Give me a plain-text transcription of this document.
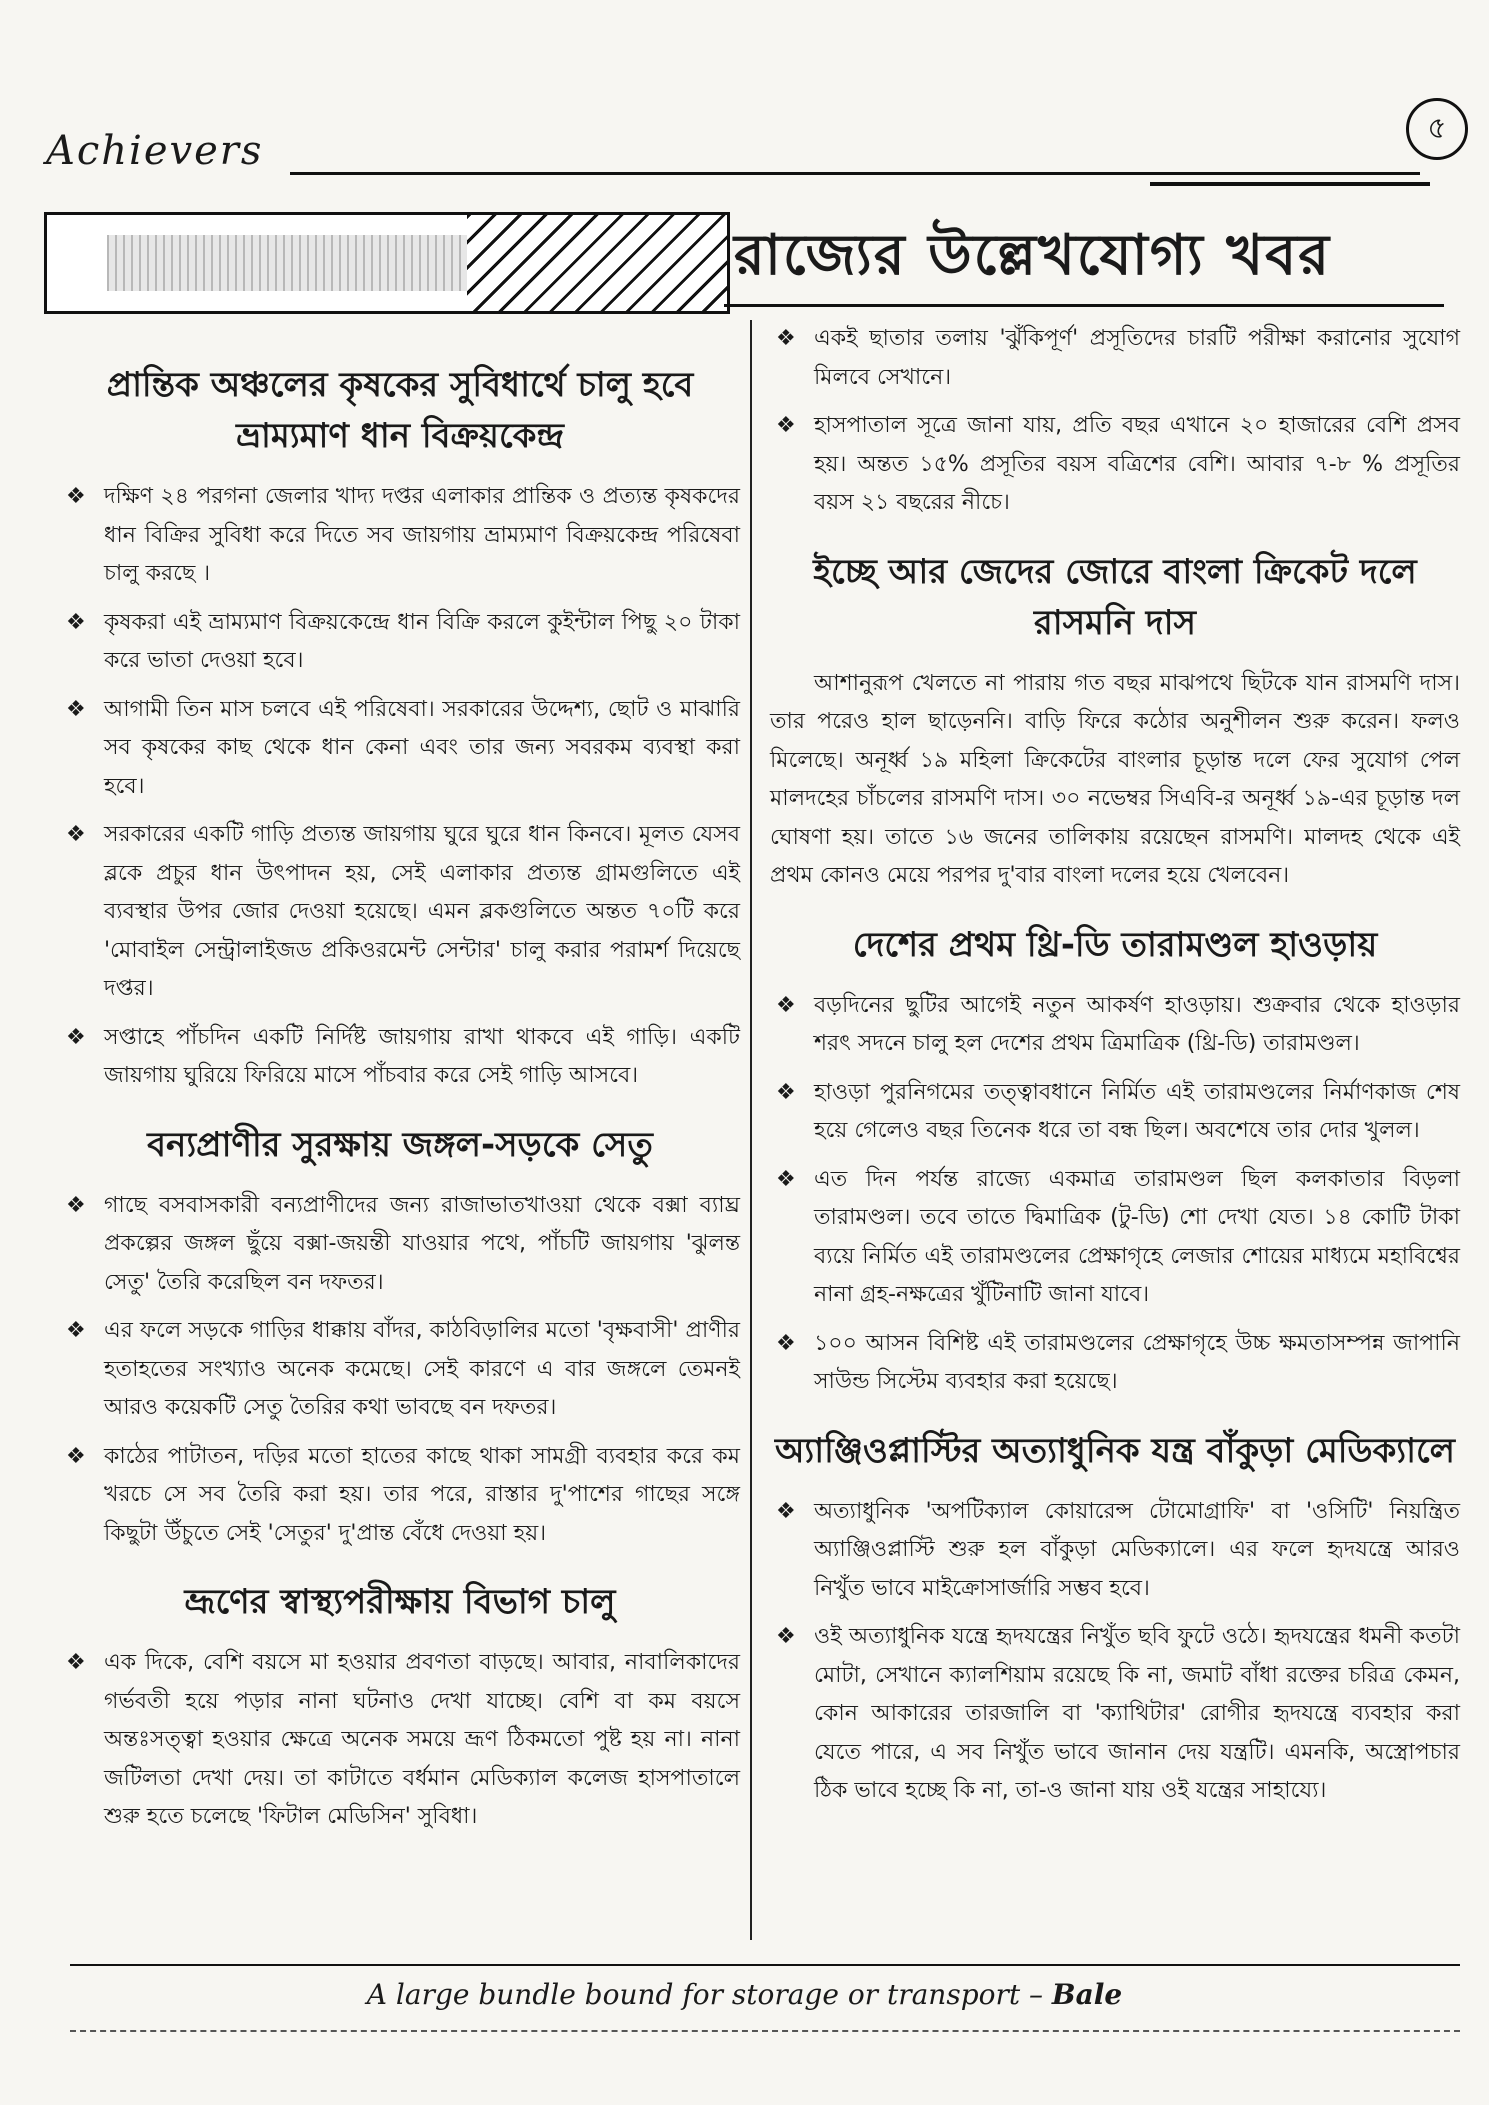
Achievers	৫
রাজ্যের উল্লেখযোগ্য খবর
প্রান্তিক অঞ্চলের কৃষকের সুবিধার্থে চালু হবে ভ্রাম্যমাণ ধান বিক্রয়কেন্দ্র
❖ দক্ষিণ ২৪ পরগনা জেলার খাদ্য দপ্তর এলাকার প্রান্তিক ও প্রত্যন্ত কৃষকদের ধান বিক্রির সুবিধা করে দিতে সব জায়গায় ভ্রাম্যমাণ বিক্রয়কেন্দ্র পরিষেবা চালু করছে ।
❖ কৃষকরা এই ভ্রাম্যমাণ বিক্রয়কেন্দ্রে ধান বিক্রি করলে কুইন্টাল পিছু ২০ টাকা করে ভাতা দেওয়া হবে।
❖ আগামী তিন মাস চলবে এই পরিষেবা। সরকারের উদ্দেশ্য, ছোট ও মাঝারি সব কৃষকের কাছ থেকে ধান কেনা এবং তার জন্য সবরকম ব্যবস্থা করা হবে।
❖ সরকারের একটি গাড়ি প্রত্যন্ত জায়গায় ঘুরে ঘুরে ধান কিনবে। মূলত যেসব ব্লকে প্রচুর ধান উৎপাদন হয়, সেই এলাকার প্রত্যন্ত গ্রামগুলিতে এই ব্যবস্থার উপর জোর দেওয়া হয়েছে। এমন ব্লকগুলিতে অন্তত ৭০টি করে 'মোবাইল সেন্ট্রালাইজড প্রকিওরমেন্ট সেন্টার' চালু করার পরামর্শ দিয়েছে দপ্তর।
❖ সপ্তাহে পাঁচদিন একটি নির্দিষ্ট জায়গায় রাখা থাকবে এই গাড়ি। একটি জায়গায় ঘুরিয়ে ফিরিয়ে মাসে পাঁচবার করে সেই গাড়ি আসবে।
বন্যপ্রাণীর সুরক্ষায় জঙ্গল-সড়কে সেতু
❖ গাছে বসবাসকারী বন্যপ্রাণীদের জন্য রাজাভাতখাওয়া থেকে বক্সা ব্যাঘ্র প্রকল্পের জঙ্গল ছুঁয়ে বক্সা-জয়ন্তী যাওয়ার পথে, পাঁচটি জায়গায় 'ঝুলন্ত সেতু' তৈরি করেছিল বন দফতর।
❖ এর ফলে সড়কে গাড়ির ধাক্কায় বাঁদর, কাঠবিড়ালির মতো 'বৃক্ষবাসী' প্রাণীর হতাহতের সংখ্যাও অনেক কমেছে। সেই কারণে এ বার জঙ্গলে তেমনই আরও কয়েকটি সেতু তৈরির কথা ভাবছে বন দফতর।
❖ কাঠের পাটাতন, দড়ির মতো হাতের কাছে থাকা সামগ্রী ব্যবহার করে কম খরচে সে সব তৈরি করা হয়। তার পরে, রাস্তার দু'পাশের গাছের সঙ্গে কিছুটা উঁচুতে সেই 'সেতুর' দু'প্রান্ত বেঁধে দেওয়া হয়।
ভ্রূণের স্বাস্থ্যপরীক্ষায় বিভাগ চালু
❖ এক দিকে, বেশি বয়সে মা হওয়ার প্রবণতা বাড়ছে। আবার, নাবালিকাদের গর্ভবতী হয়ে পড়ার নানা ঘটনাও দেখা যাচ্ছে। বেশি বা কম বয়সে অন্তঃসত্ত্বা হওয়ার ক্ষেত্রে অনেক সময়ে ভ্রূণ ঠিকমতো পুষ্ট হয় না। নানা জটিলতা দেখা দেয়। তা কাটাতে বর্ধমান মেডিক্যাল কলেজ হাসপাতালে শুরু হতে চলেছে 'ফিটাল মেডিসিন' সুবিধা।
❖ একই ছাতার তলায় 'ঝুঁকিপূর্ণ' প্রসূতিদের চারটি পরীক্ষা করানোর সুযোগ মিলবে সেখানে।
❖ হাসপাতাল সূত্রে জানা যায়, প্রতি বছর এখানে ২০ হাজারের বেশি প্রসব হয়। অন্তত ১৫% প্রসূতির বয়স বত্রিশের বেশি। আবার ৭-৮ % প্রসূতির বয়স ২১ বছরের নীচে।
ইচ্ছে আর জেদের জোরে বাংলা ক্রিকেট দলে রাসমনি দাস

আশানুরূপ খেলতে না পারায় গত বছর মাঝপথে ছিটকে যান রাসমণি দাস। তার পরেও হাল ছাড়েননি। বাড়ি ফিরে কঠোর অনুশীলন শুরু করেন। ফলও মিলেছে। অনূর্ধ্ব ১৯ মহিলা ক্রিকেটের বাংলার চূড়ান্ত দলে ফের সুযোগ পেল মালদহের চাঁচলের রাসমণি দাস। ৩০ নভেম্বর সিএবি-র অনূর্ধ্ব ১৯-এর চূড়ান্ত দল ঘোষণা হয়। তাতে ১৬ জনের তালিকায় রয়েছেন রাসমণি। মালদহ থেকে এই প্রথম কোনও মেয়ে পরপর দু'বার বাংলা দলের হয়ে খেলবেন।

দেশের প্রথম থ্রি-ডি তারামণ্ডল হাওড়ায়
❖ বড়দিনের ছুটির আগেই নতুন আকর্ষণ হাওড়ায়। শুক্রবার থেকে হাওড়ার শরৎ সদনে চালু হল দেশের প্রথম ত্রিমাত্রিক (থ্রি-ডি) তারামণ্ডল।
❖ হাওড়া পুরনিগমের তত্ত্বাবধানে নির্মিত এই তারামণ্ডলের নির্মাণকাজ শেষ হয়ে গেলেও বছর তিনেক ধরে তা বন্ধ ছিল। অবশেষে তার দোর খুলল।
❖ এত দিন পর্যন্ত রাজ্যে একমাত্র তারামণ্ডল ছিল কলকাতার বিড়লা তারামণ্ডল। তবে তাতে দ্বিমাত্রিক (টু-ডি) শো দেখা যেত। ১৪ কোটি টাকা ব্যয়ে নির্মিত এই তারামণ্ডলের প্রেক্ষাগৃহে লেজার শোয়ের মাধ্যমে মহাবিশ্বের নানা গ্রহ-নক্ষত্রের খুঁটিনাটি জানা যাবে।
❖ ১০০ আসন বিশিষ্ট এই তারামণ্ডলের প্রেক্ষাগৃহে উচ্চ ক্ষমতাসম্পন্ন জাপানি সাউন্ড সিস্টেম ব্যবহার করা হয়েছে।
অ্যাঞ্জিওপ্লাস্টির অত্যাধুনিক যন্ত্র বাঁকুড়া মেডিক্যালে
❖ অত্যাধুনিক 'অপটিক্যাল কোয়ারেন্স টোমোগ্রাফি' বা 'ওসিটি' নিয়ন্ত্রিত অ্যাঞ্জিওপ্লাস্টি শুরু হল বাঁকুড়া মেডিক্যালে। এর ফলে হৃদযন্ত্রে আরও নিখুঁত ভাবে মাইক্রোসার্জারি সম্ভব হবে।
❖ ওই অত্যাধুনিক যন্ত্রে হৃদযন্ত্রের নিখুঁত ছবি ফুটে ওঠে। হৃদযন্ত্রের ধমনী কতটা মোটা, সেখানে ক্যালশিয়াম রয়েছে কি না, জমাট বাঁধা রক্তের চরিত্র কেমন, কোন আকারের তারজালি বা 'ক্যাথিটার' রোগীর হৃদযন্ত্রে ব্যবহার করা যেতে পারে, এ সব নিখুঁত ভাবে জানান দেয় যন্ত্রটি। এমনকি, অস্ত্রোপচার ঠিক ভাবে হচ্ছে কি না, তা-ও জানা যায় ওই যন্ত্রের সাহায্যে।
A large bundle bound for storage or transport – Bale
